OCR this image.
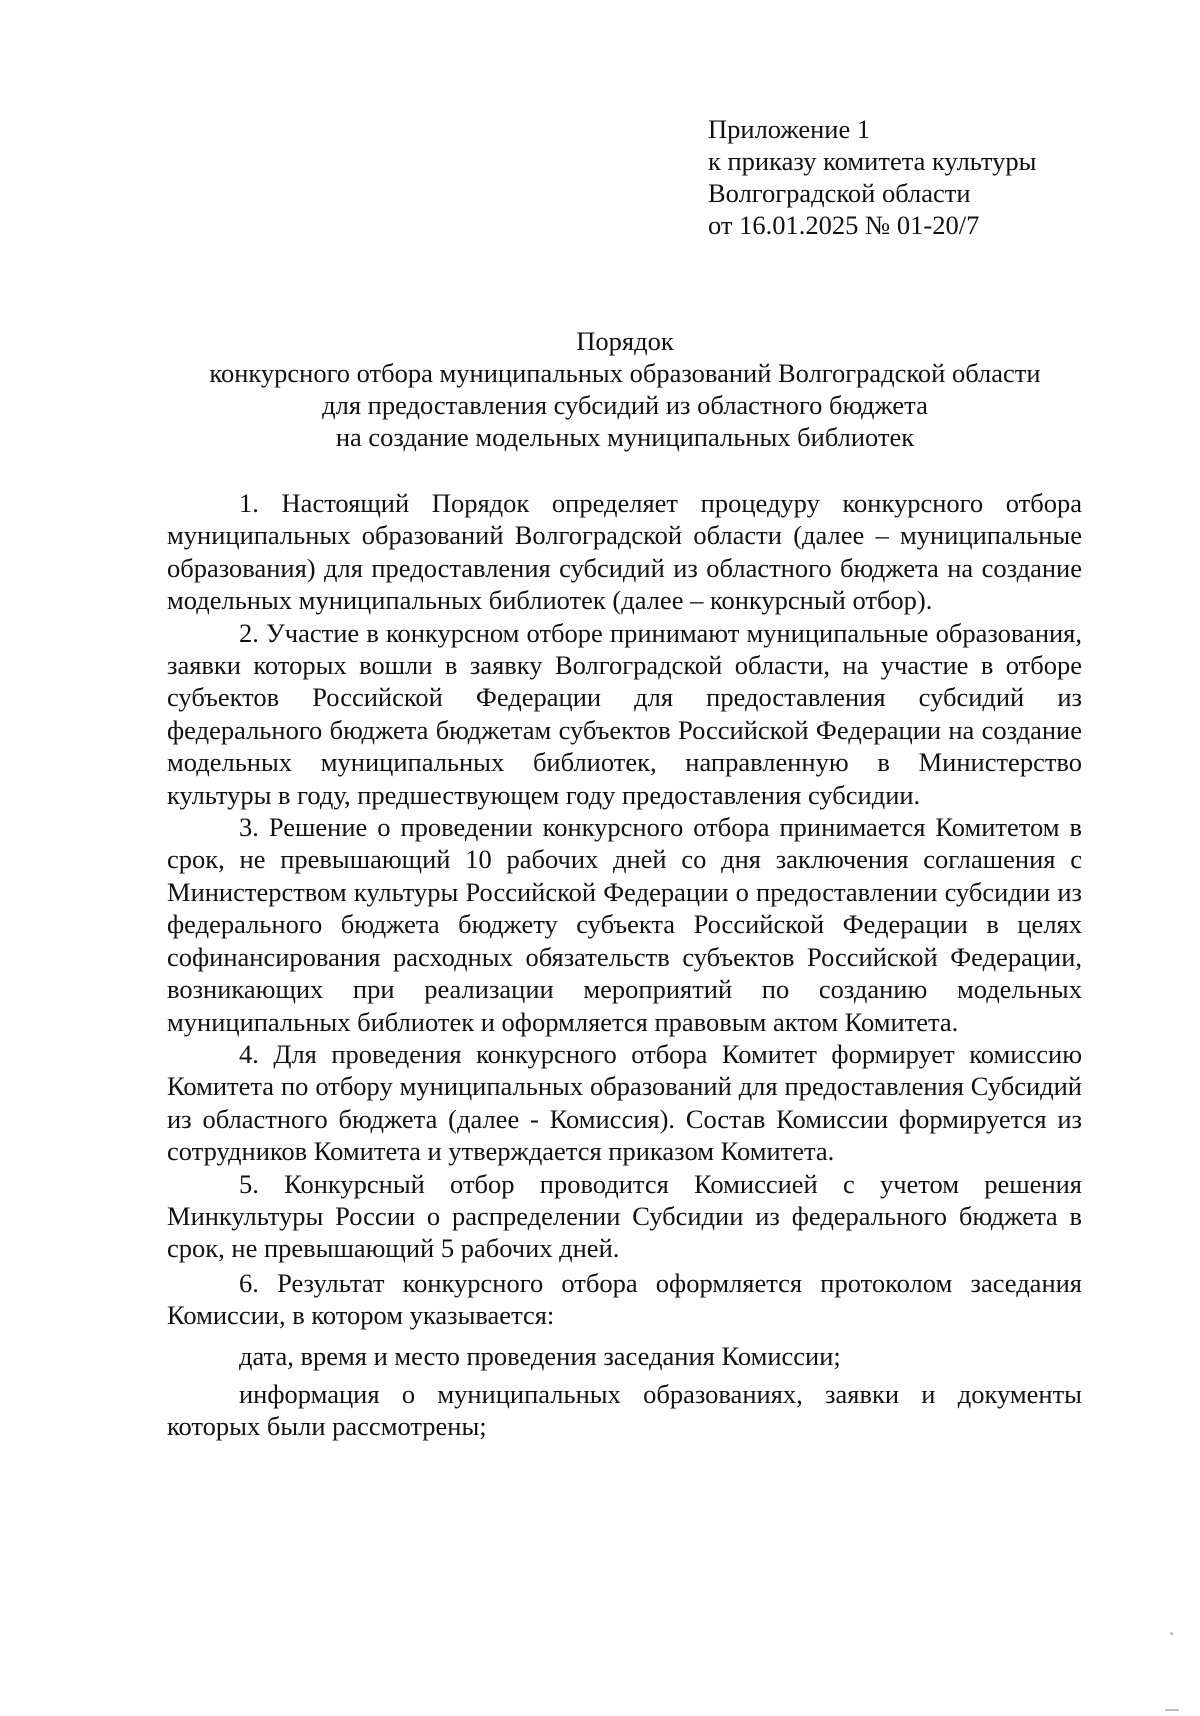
Приложение 1
к приказу комитета культуры
Волгоградской области
от 16.01.2025 № 01-20/7
Порядок
конкурсного отбора муниципальных образований Волгоградской области
для предоставления субсидий из областного бюджета
на создание модельных муниципальных библиотек

1. Настоящий Порядок определяет процедуру конкурсного отбора муниципальных образований Волгоградской области (далее – муниципальные образования) для предоставления субсидий из областного бюджета на создание модельных муниципальных библиотек (далее – конкурсный отбор).

2. Участие в конкурсном отборе принимают муниципальные образования, заявки которых вошли в заявку Волгоградской области, на участие в отборе субъектов Российской Федерации для предоставления субсидий из федерального бюджета бюджетам субъектов Российской Федерации на создание модельных муниципальных библиотек, направленную в Министерство культуры в году, предшествующем году предоставления субсидии.

3. Решение о проведении конкурсного отбора принимается Комитетом в срок, не превышающий 10 рабочих дней со дня заключения соглашения с Министерством культуры Российской Федерации о предоставлении субсидии из федерального бюджета бюджету субъекта Российской Федерации в целях софинансирования расходных обязательств субъектов Российской Федерации, возникающих при реализации мероприятий по созданию модельных муниципальных библиотек и оформляется правовым актом Комитета.

4. Для проведения конкурсного отбора Комитет формирует комиссию Комитета по отбору муниципальных образований для предоставления Субсидий из областного бюджета (далее - Комиссия). Состав Комиссии формируется из сотрудников Комитета и утверждается приказом Комитета.

5. Конкурсный отбор проводится Комиссией с учетом решения Минкультуры России о распределении Субсидии из федерального бюджета в срок, не превышающий 5 рабочих дней.

6. Результат конкурсного отбора оформляется протоколом заседания Комиссии, в котором указывается:

дата, время и место проведения заседания Комиссии;

информация о муниципальных образованиях, заявки и документы которых были рассмотрены;
